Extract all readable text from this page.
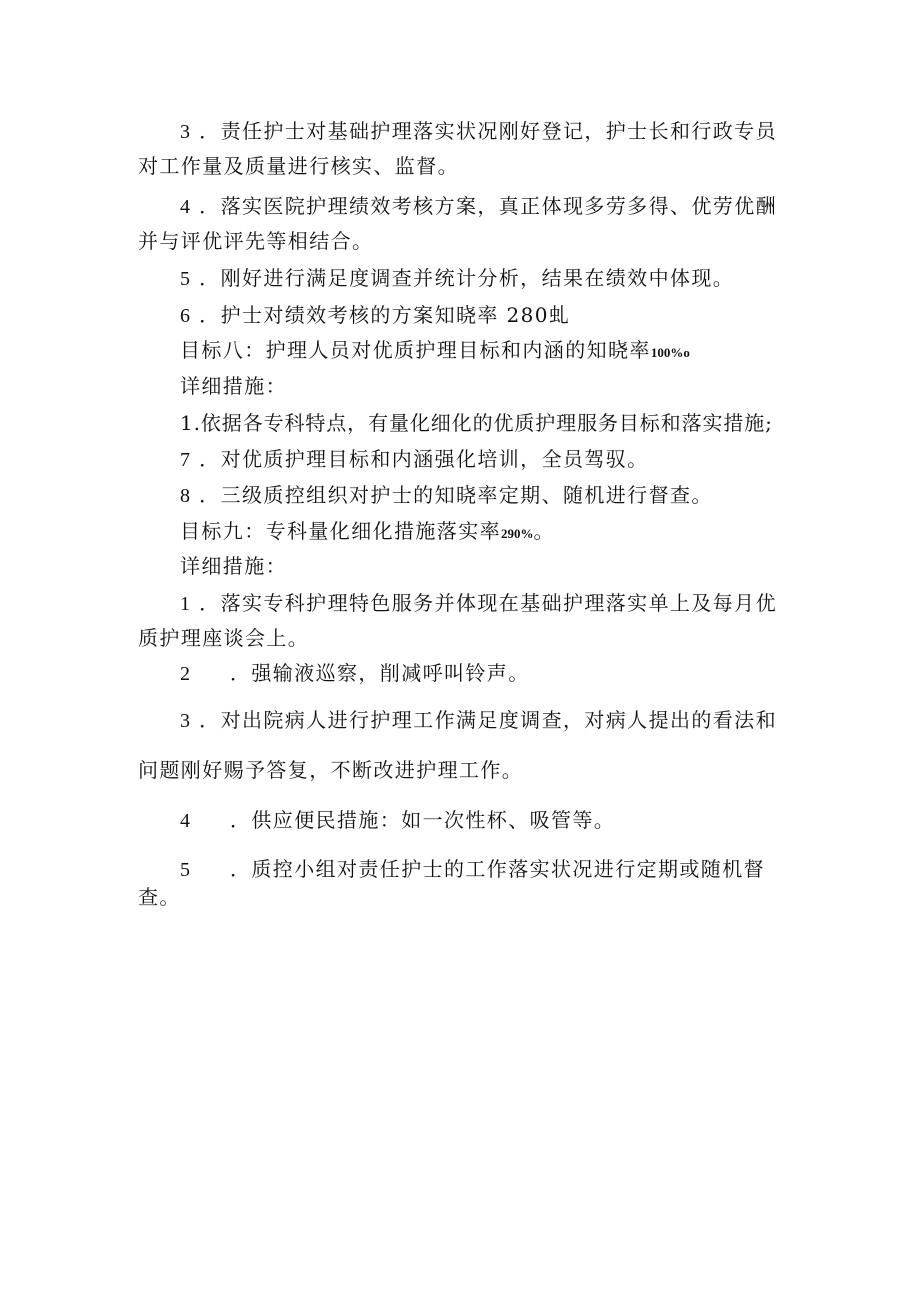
3 ．责任护士对基础护理落实状况刚好登记，护士长和行政专员
对工作量及质量进行核实、监督。
4 ．落实医院护理绩效考核方案，真正体现多劳多得、优劳优酬
并与评优评先等相结合。
5 ．刚好进行满足度调查并统计分析，结果在绩效中体现。
6 ．护士对绩效考核的方案知晓率 280虬
目标八：护理人员对优质护理目标和内涵的知晓率100%o
详细措施：
1.依据各专科特点，有量化细化的优质护理服务目标和落实措施;
7 ．对优质护理目标和内涵强化培训，全员驾驭。
8 ．三级质控组织对护士的知晓率定期、随机进行督查。
目标九：专科量化细化措施落实率290%。
详细措施：
1 ．落实专科护理特色服务并体现在基础护理落实单上及每月优
质护理座谈会上。
2 ．强输液巡察，削减呼叫铃声。
3 ．对出院病人进行护理工作满足度调查，对病人提出的看法和
问题刚好赐予答复，不断改进护理工作。
4 ．供应便民措施：如一次性杯、吸管等。
5 ．质控小组对责任护士的工作落实状况进行定期或随机督
查。
